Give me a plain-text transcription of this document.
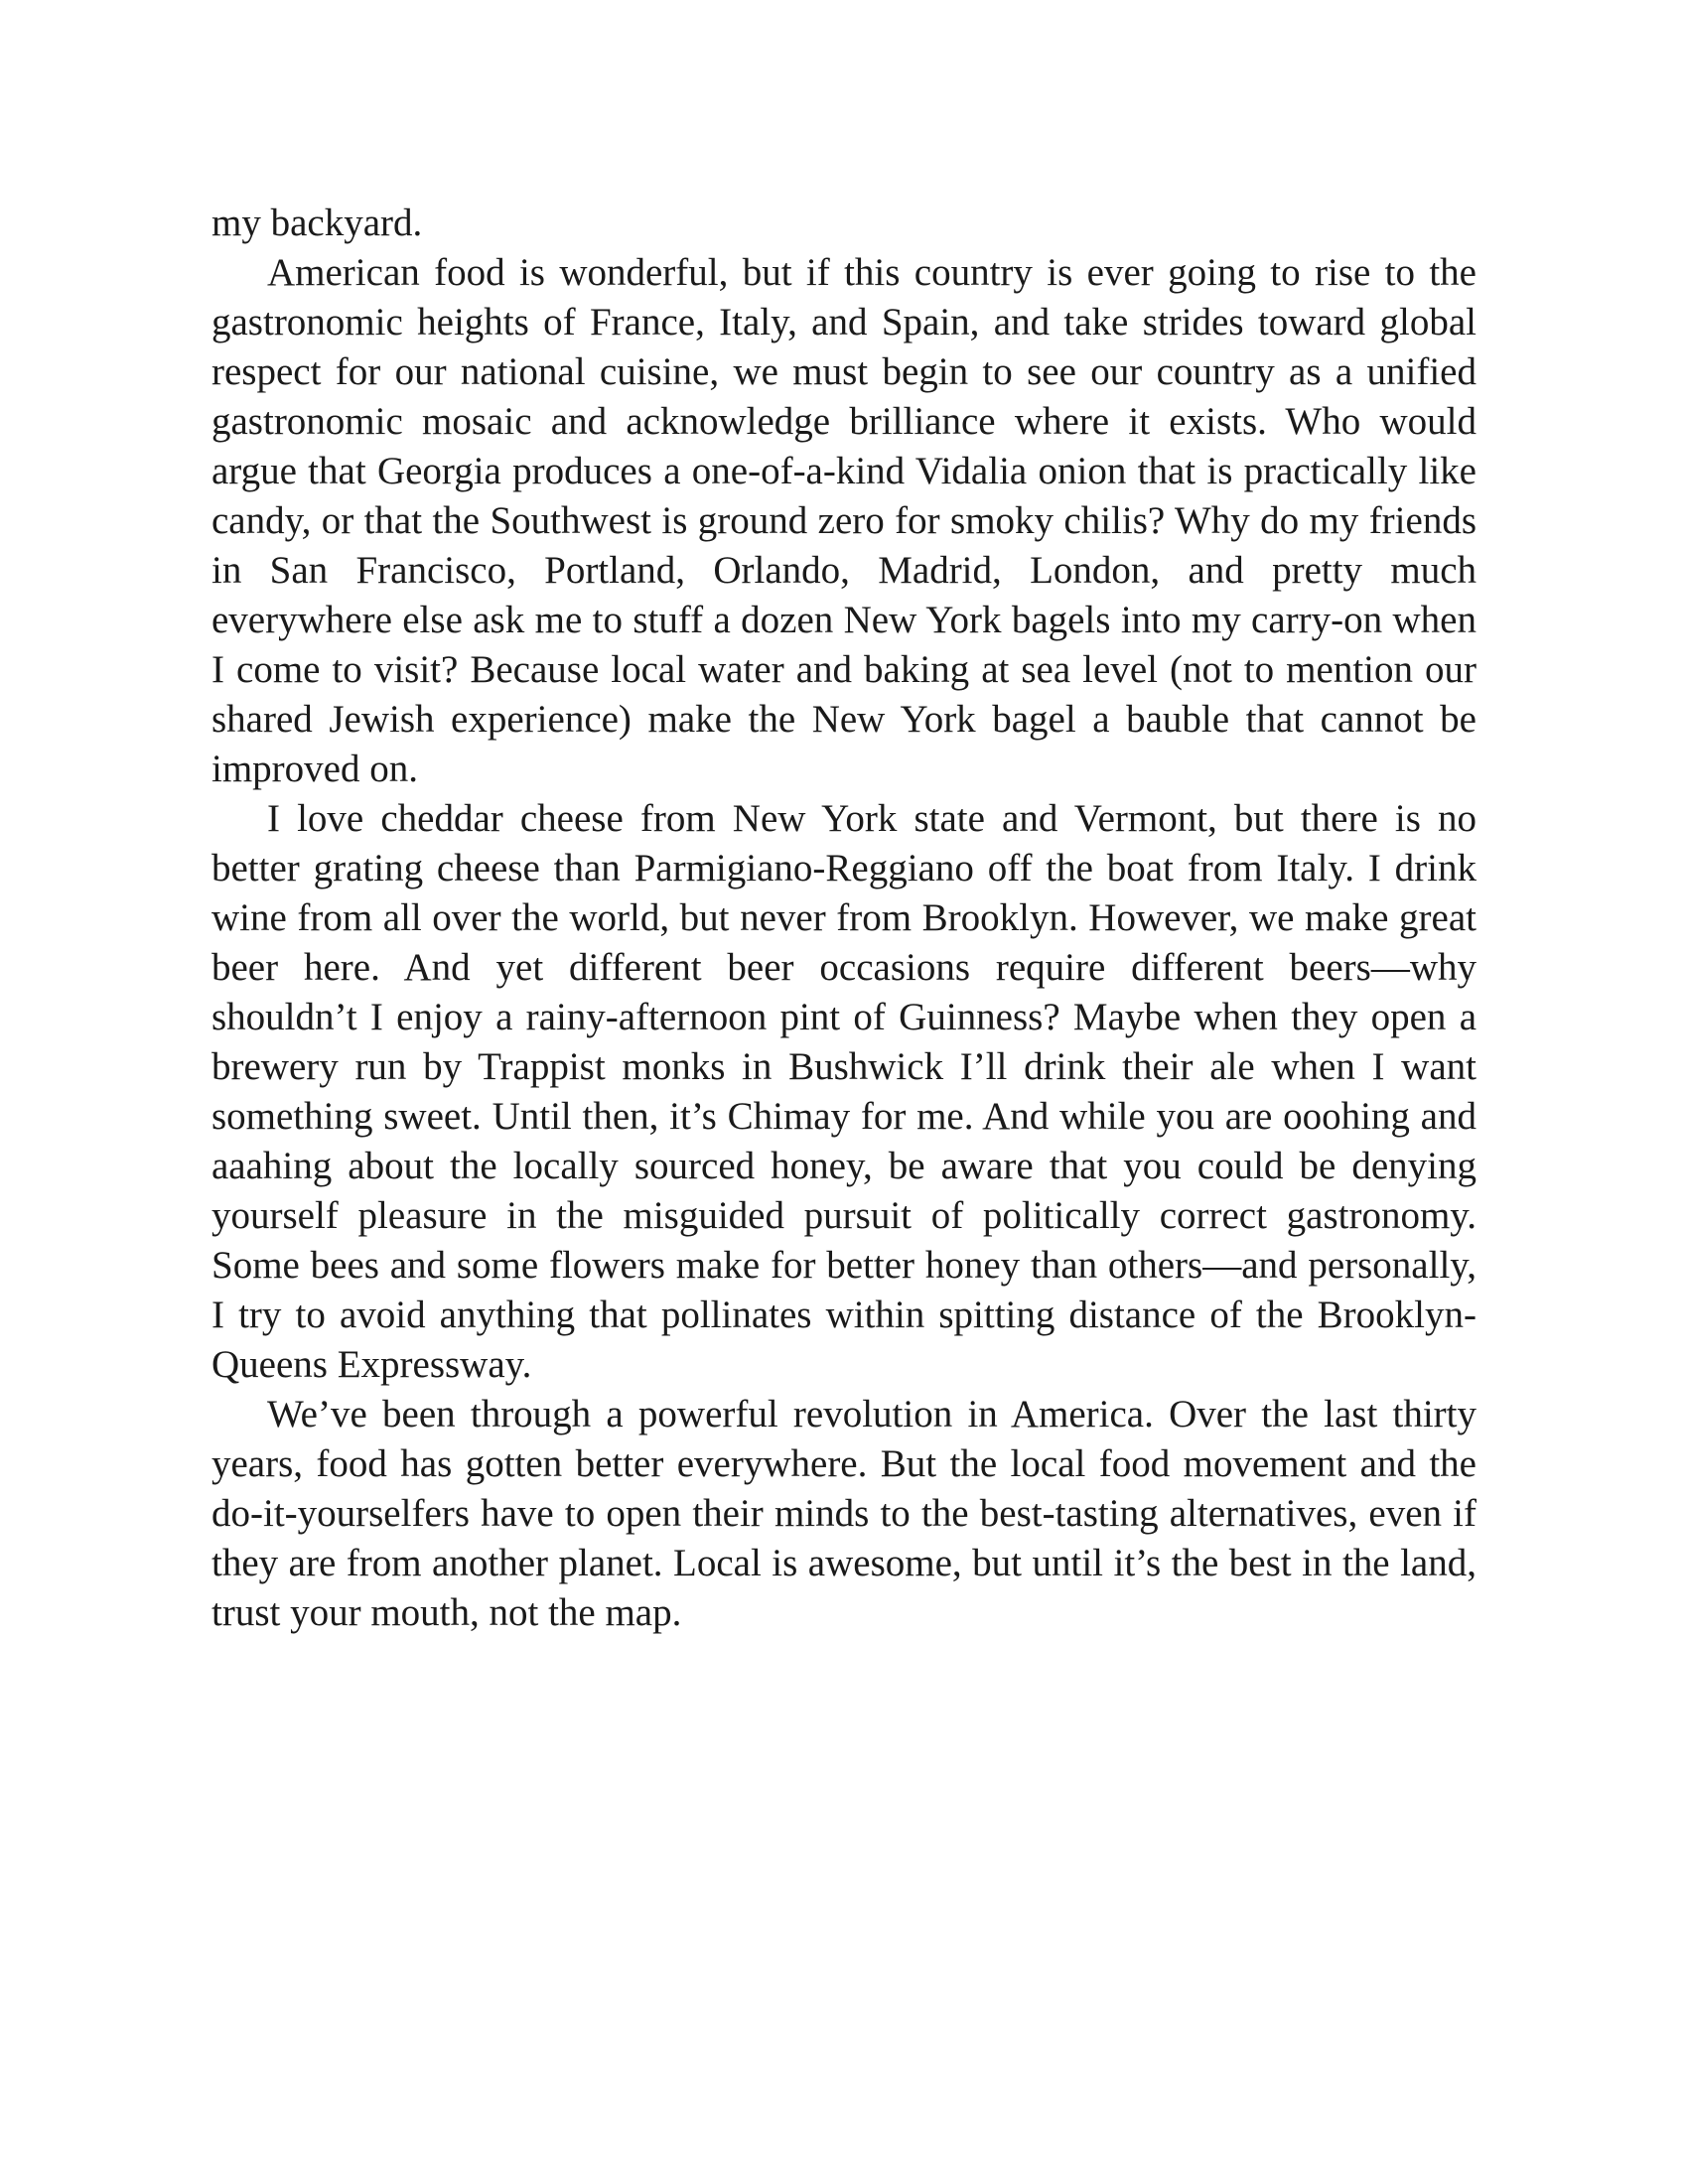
my backyard.

American food is wonderful, but if this country is ever going to rise to the gastronomic heights of France, Italy, and Spain, and take strides toward global respect for our national cuisine, we must begin to see our country as a unified gastronomic mosaic and acknowledge brilliance where it exists. Who would argue that Georgia produces a one-of-a-kind Vidalia onion that is practically like candy, or that the Southwest is ground zero for smoky chilis? Why do my friends in San Francisco, Portland, Orlando, Madrid, London, and pretty much everywhere else ask me to stuff a dozen New York bagels into my carry-on when I come to visit? Because local water and baking at sea level (not to mention our shared Jewish experience) make the New York bagel a bauble that cannot be improved on.

I love cheddar cheese from New York state and Vermont, but there is no better grating cheese than Parmigiano-Reggiano off the boat from Italy. I drink wine from all over the world, but never from Brooklyn. However, we make great beer here. And yet different beer occasions require different beers—why shouldn’t I enjoy a rainy-afternoon pint of Guinness? Maybe when they open a brewery run by Trappist monks in Bushwick I’ll drink their ale when I want something sweet. Until then, it’s Chimay for me. And while you are ooohing and aaahing about the locally sourced honey, be aware that you could be denying yourself pleasure in the misguided pursuit of politically correct gastronomy. Some bees and some flowers make for better honey than others—and personally, I try to avoid anything that pollinates within spitting distance of the Brooklyn-Queens Expressway.

We’ve been through a powerful revolution in America. Over the last thirty years, food has gotten better everywhere. But the local food movement and the do-it-yourselfers have to open their minds to the best-tasting alternatives, even if they are from another planet. Local is awesome, but until it’s the best in the land, trust your mouth, not the map.
